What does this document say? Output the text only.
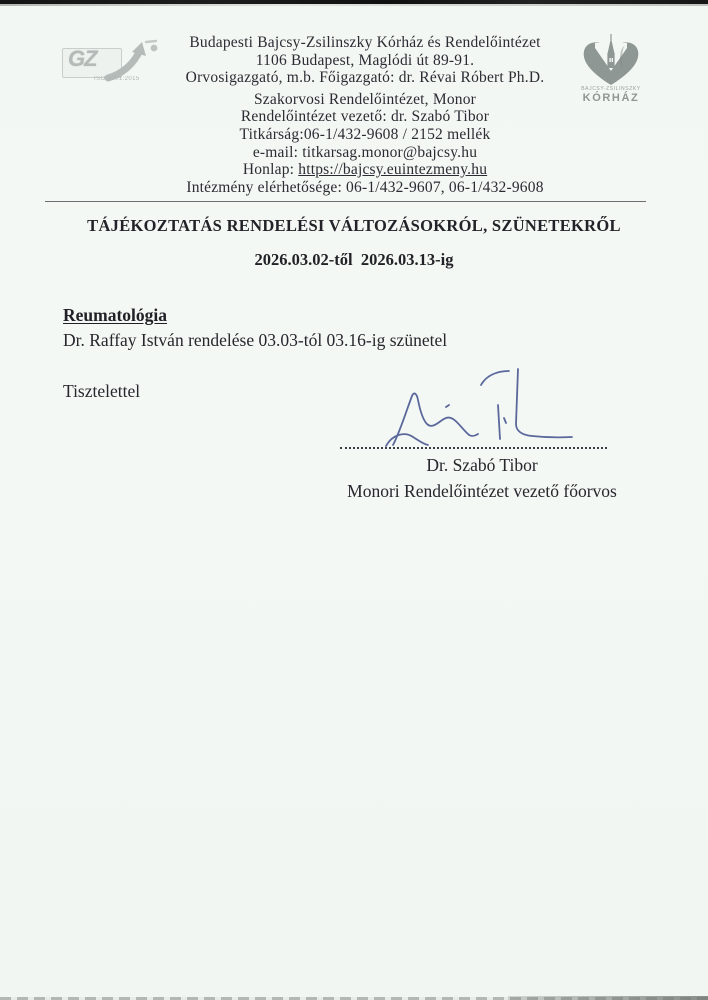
GZ
ISO 9001:2015
BAJCSY-ZSILINSZKY
KÓRHÁZ
Budapesti Bajcsy-Zsilinszky Kórház és Rendelőintézet
1106 Budapest, Maglódi út 89-91.
Orvosigazgató, m.b. Főigazgató: dr. Révai Róbert Ph.D.
Szakorvosi Rendelőintézet, Monor
Rendelőintézet vezető: dr. Szabó Tibor
Titkárság:06-1/432-9608 / 2152 mellék
e-mail: titkarsag.monor@bajcsy.hu
Honlap: https://bajcsy.euintezmeny.hu
Intézmény elérhetősége: 06-1/432-9607, 06-1/432-9608
TÁJÉKOZTATÁS RENDELÉSI VÁLTOZÁSOKRÓL, SZÜNETEKRŐL
2026.03.02-től  2026.03.13-ig
Reumatológia
Dr. Raffay István rendelése 03.03-tól 03.16-ig szünetel
Tisztelettel
Dr. Szabó Tibor
Monori Rendelőintézet vezető főorvos
